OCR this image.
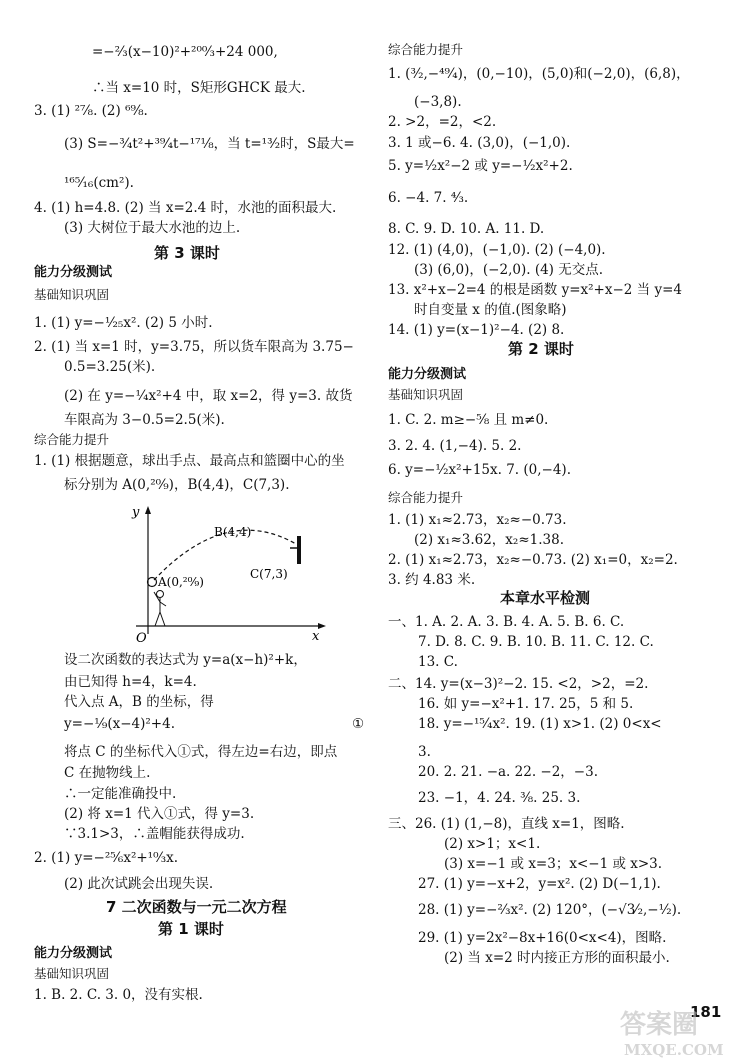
第 3 课时
y
x
O
B(4,4)
A(0,²⁰⁄₉)
C(7,3)
7 二次函数与一元二次方程
第 1 课时
能力分级测试
基础知识巩固
1. B. 2. C. 3. 0，没有实根.
=−²⁄₃(x−10)²+²⁰⁰⁄₃+24 000,
∴当 x=10 时，S矩形GHCK 最大.
3. (1) ²⁷⁄₈. (2) ⁶⁹⁄₈.
(3) S=−³⁄₄t²+³⁹⁄₄t−¹⁷¹⁄₈，当 t=¹³⁄₂时，S最大=
¹⁶⁵⁄₁₆(cm²).
4. (1) h=4.8. (2) 当 x=2.4 时，水池的面积最大.
(3) 大树位于最大水池的边上.
能力分级测试
基础知识巩固
1. (1) y=−¹⁄₂₅x². (2) 5 小时.
2. (1) 当 x=1 时，y=3.75，所以货车限高为 3.75−
0.5=3.25(米).
(2) 在 y=−¹⁄₄x²+4 中，取 x=2，得 y=3. 故货
车限高为 3−0.5=2.5(米).
综合能力提升
1. (1) 根据题意，球出手点、最高点和篮圈中心的坐
标分别为 A(0,²⁰⁄₉)，B(4,4)，C(7,3).
设二次函数的表达式为 y=a(x−h)²+k，
由已知得 h=4，k=4.
代入点 A，B 的坐标，得
y=−¹⁄₉(x−4)²+4.	①
将点 C 的坐标代入①式，得左边=右边，即点
C 在抛物线上.
∴一定能准确投中.
(2) 将 x=1 代入①式，得 y=3.
∵3.1>3，∴盖帽能获得成功.
2. (1) y=−²⁵⁄₆x²+¹⁰⁄₃x.
(2) 此次试跳会出现失误.
第 2 课时
本章水平检测
综合能力提升
1. (³⁄₂,−⁴⁹⁄₄)，(0,−10)，(5,0)和(−2,0)，(6,8)，
(−3,8).
2. >2，=2，<2.
3. 1 或−6. 4. (3,0)，(−1,0).
5. y=¹⁄₂x²−2 或 y=−¹⁄₂x²+2.
6. −4. 7. ⁴⁄₃.
8. C. 9. D. 10. A. 11. D.
12. (1) (4,0)，(−1,0). (2) (−4,0).
(3) (6,0)，(−2,0). (4) 无交点.
13. x²+x−2=4 的根是函数 y=x²+x−2 当 y=4
时自变量 x 的值.(图象略)
14. (1) y=(x−1)²−4. (2) 8.
能力分级测试
基础知识巩固
1. C. 2. m≥−⁵⁄₈ 且 m≠0.
3. 2. 4. (1,−4). 5. 2.
6. y=−¹⁄₂x²+15x. 7. (0,−4).
综合能力提升
1. (1) x₁≈2.73，x₂≈−0.73.
(2) x₁≈3.62，x₂≈1.38.
2. (1) x₁≈2.73，x₂≈−0.73. (2) x₁=0，x₂=2.
3. 约 4.83 米.
一、1. A. 2. A. 3. B. 4. A. 5. B. 6. C.
7. D. 8. C. 9. B. 10. B. 11. C. 12. C.
13. C.
二、14. y=(x−3)²−2. 15. <2，>2，=2.
16. 如 y=−x²+1. 17. 25，5 和 5.
18. y=−¹⁵⁄₄x². 19. (1) x>1. (2) 0<x<
3.
20. 2. 21. −a. 22. −2，−3.
23. −1，4. 24. ³⁄₈. 25. 3.
三、26. (1) (1,−8)，直线 x=1，图略.
(2) x>1；x<1.
(3) x=−1 或 x=3；x<−1 或 x>3.
27. (1) y=−x+2，y=x². (2) D(−1,1).
28. (1) y=−²⁄₃x². (2) 120°，(−√3⁄₂,−¹⁄₂).
29. (1) y=2x²−8x+16(0<x<4)，图略.
(2) 当 x=2 时内接正方形的面积最小.
181
答案圈
MXQE.COM
